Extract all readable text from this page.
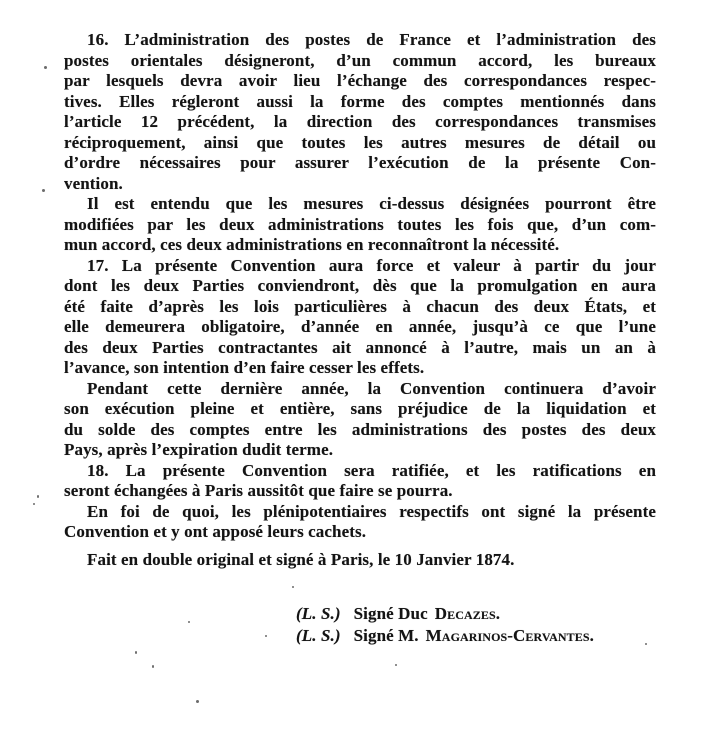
16. L’administration des postes de France et l’administration des
postes orientales désigneront, d’un commun accord, les bureaux
par lesquels devra avoir lieu l’échange des correspondances respec-
tives. Elles régleront aussi la forme des comptes mentionnés dans
l’article 12 précédent, la direction des correspondances transmises
réciproquement, ainsi que toutes les autres mesures de détail ou
d’ordre nécessaires pour assurer l’exécution de la présente Con-
vention.
Il est entendu que les mesures ci-dessus désignées pourront être
modifiées par les deux administrations toutes les fois que, d’un com-
mun accord, ces deux administrations en reconnaîtront la nécessité.
17. La présente Convention aura force et valeur à partir du jour
dont les deux Parties conviendront, dès que la promulgation en aura
été faite d’après les lois particulières à chacun des deux États, et
elle demeurera obligatoire, d’année en année, jusqu’à ce que l’une
des deux Parties contractantes ait annoncé à l’autre, mais un an à
l’avance, son intention d’en faire cesser les effets.
Pendant cette dernière année, la Convention continuera d’avoir
son exécution pleine et entière, sans préjudice de la liquidation et
du solde des comptes entre les administrations des postes des deux
Pays, après l’expiration dudit terme.
18. La présente Convention sera ratifiée, et les ratifications en
seront échangées à Paris aussitôt que faire se pourra.
En foi de quoi, les plénipotentiaires respectifs ont signé la présente
Convention et y ont apposé leurs cachets.
Fait en double original et signé à Paris, le 10 Janvier 1874.
(L. S.) Signé Duc Decazes.
(L. S.) Signé M. Magarinos-Cervantes.
